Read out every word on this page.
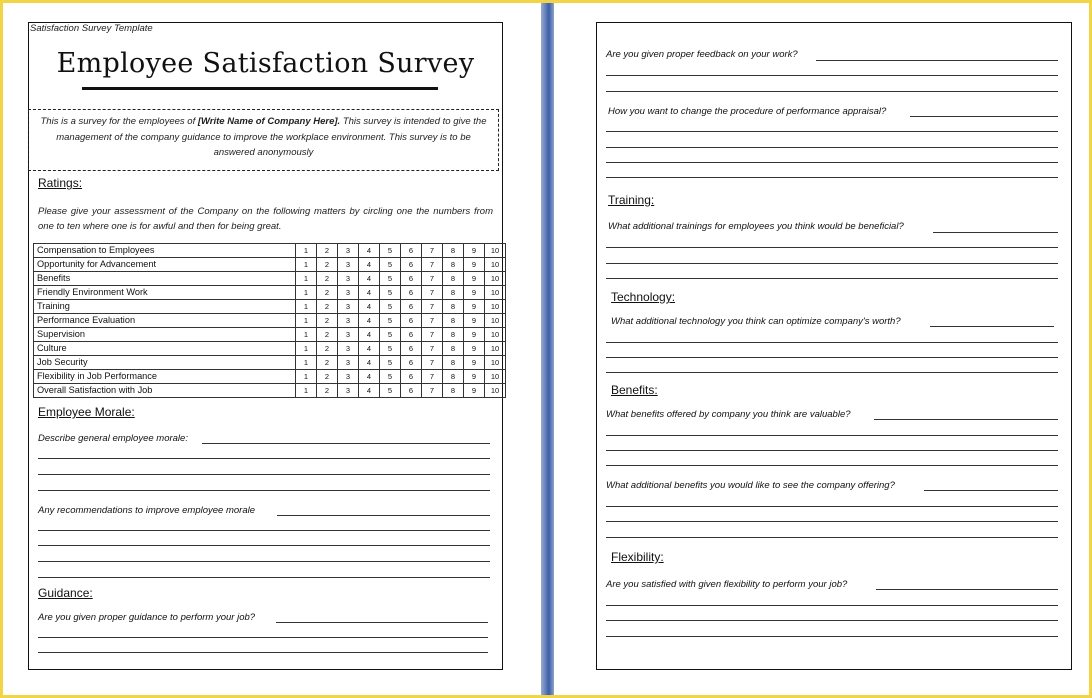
Satisfaction Survey Template
Employee Satisfaction Survey
This is a survey for the employees of [Write Name of Company Here]. This survey is intended to give the management of the company guidance to improve the workplace environment. This survey is to be answered anonymously
Ratings:
Please give your assessment of the Company on the following matters by circling one the numbers from one to ten where one is for awful and then for being great.
Compensation to Employees	1	2	3	4	5	6	7	8	9	10
Opportunity for Advancement	1	2	3	4	5	6	7	8	9	10
Benefits	1	2	3	4	5	6	7	8	9	10
Friendly Environment Work	1	2	3	4	5	6	7	8	9	10
Training	1	2	3	4	5	6	7	8	9	10
Performance Evaluation	1	2	3	4	5	6	7	8	9	10
Supervision	1	2	3	4	5	6	7	8	9	10
Culture	1	2	3	4	5	6	7	8	9	10
Job Security	1	2	3	4	5	6	7	8	9	10
Flexibility in Job Performance	1	2	3	4	5	6	7	8	9	10
Overall Satisfaction with Job	1	2	3	4	5	6	7	8	9	10
Employee Morale:
Describe general employee morale:
Any recommendations to improve employee morale
Guidance:
Are you given proper guidance to perform your job?
Are you given proper feedback on your work?
How you want to change the procedure of performance appraisal?
Training:
What additional trainings for employees you think would be beneficial?
Technology:
What additional technology you think can optimize company's worth?
Benefits:
What benefits offered by company you think are valuable?
What additional benefits you would like to see the company offering?
Flexibility:
Are you satisfied with given flexibility to perform your job?
